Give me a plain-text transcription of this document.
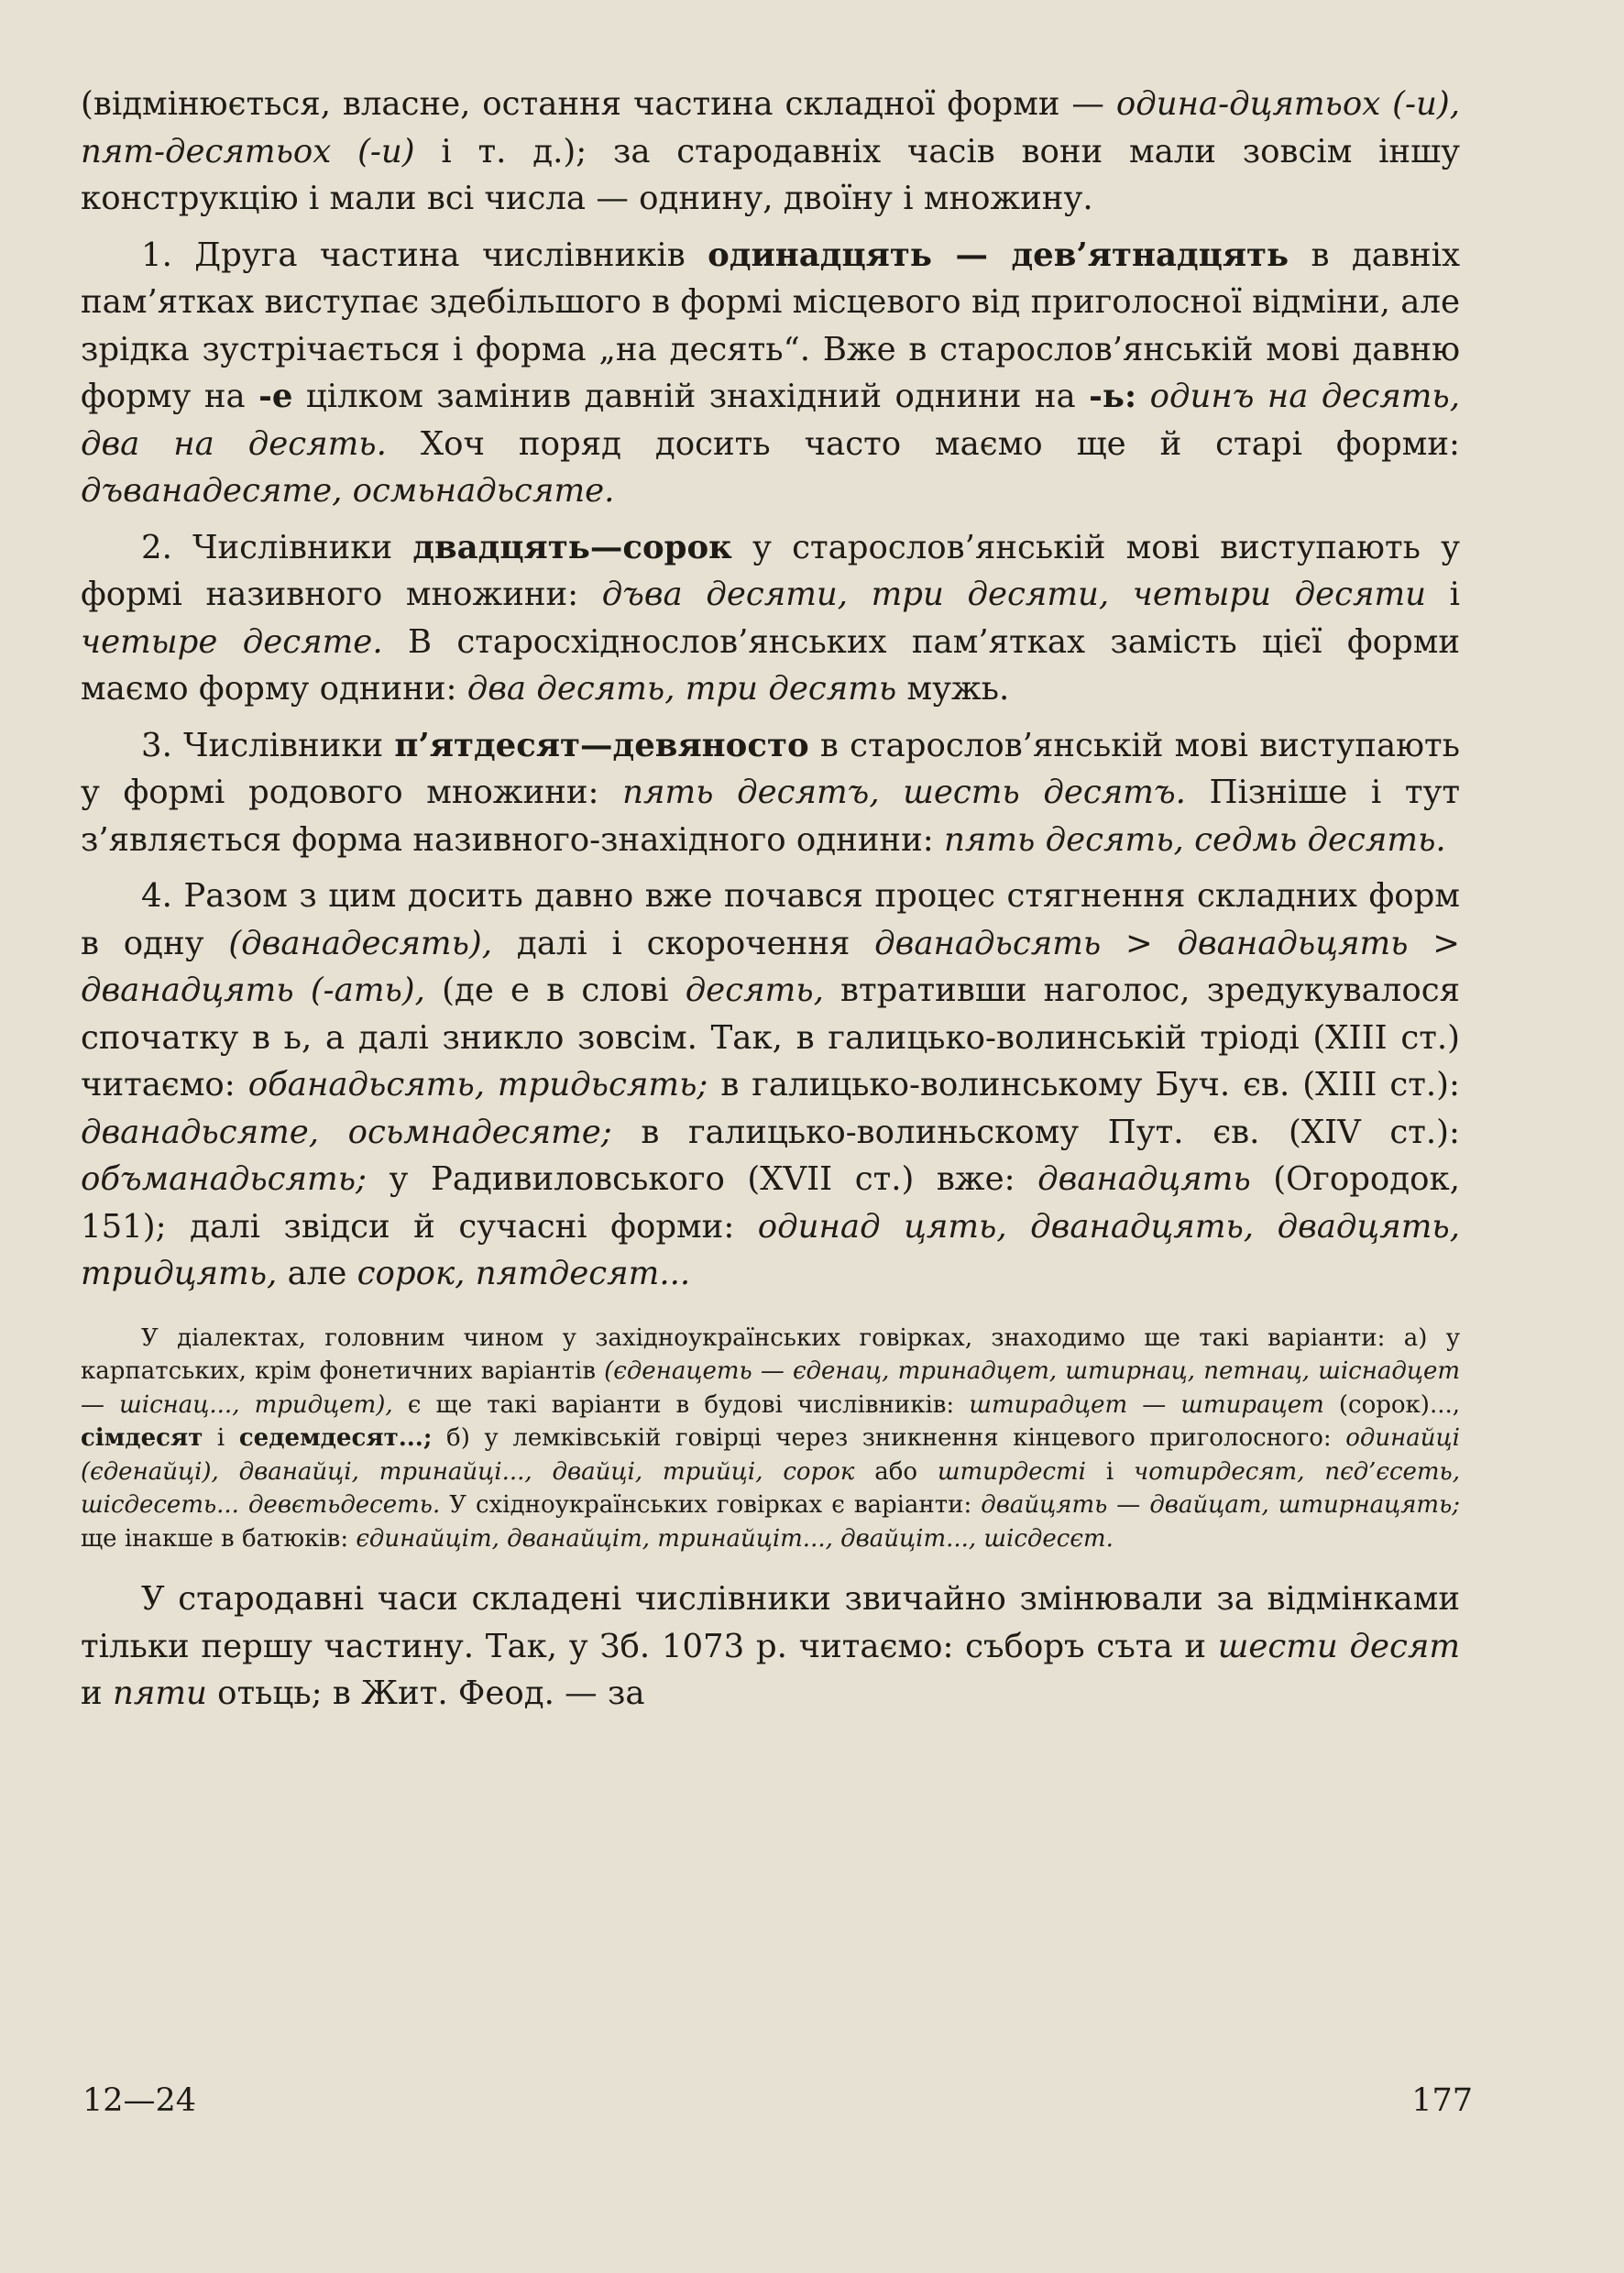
(відмінюється, власне, остання частина складної форми — одина-дцятьох (-и), пят-десятьох (-и) і т. д.); за стародавніх часів вони мали зовсім іншу конструкцію і мали всі числа — однину, двоїну і множину.

1. Друга частина числівників одинадцять — дев’ятнадцять в давніх пам’ятках виступає здебільшого в формі місцевого від приголосної відміни, але зрідка зустрічається і форма „на десять“. Вже в старослов’янській мові давню форму на -е цілком замінив давній знахідний однини на -ь: одинъ на десять, два на десять. Хоч поряд досить часто маємо ще й старі форми: дъванадесяте, осмьнадьсяте.

2. Числівники двадцять—сорок у старослов’янській мові виступають у формі називного множини: дъва десяти, три десяти, четыри десяти і четыре десяте. В старосхіднослов’янських пам’ятках замість цієї форми маємо форму однини: два десять, три десять мужь.

3. Числівники п’ятдесят—девяносто в старослов’янській мові виступають у формі родового множини: пять десятъ, шесть десятъ. Пізніше і тут з’являється форма називного-знахідного однини: пять десять, седмь десять.

4. Разом з цим досить давно вже почався процес стягнення складних форм в одну (дванадесять), далі і скорочення дванадьсять > дванадьцять > дванадцять (-ать), (де е в слові десять, втративши наголос, зредукувалося спочатку в ь, а далі зникло зовсім. Так, в галицько-волинській тріоді (XIII ст.) читаємо: обанадьсять, тридьсять; в галицько-волинському Буч. єв. (XIII ст.): дванадьсяте, осьмнадесяте; в галицько-волиньскому Пут. єв. (XIV ст.): объманадьсять; у Радивиловського (XVII ст.) вже: дванадцять (Огородок, 151); далі звідси й сучасні форми: одинад цять, дванадцять, двадцять, тридцять, але сорок, пятдесят...

У діалектах, головним чином у західноукраїнських говірках, знаходимо ще такі варіанти: а) у карпатських, крім фонетичних варіантів (єденацеть — єденац, тринадцет, штирнац, петнац, шіснадцет — шіснац..., тридцет), є ще такі варіанти в будові числівників: штирадцет — штирацет (сорок)..., сімдесят і седемдесят...; б) у лемківській говірці через зникнення кінцевого приголосного: одинайці (єденайці), дванайці, тринайці..., двайці, трийці, сорок або штирдесті і чотирдесят, пєд’єсеть, шісдесеть... девєтьдесеть. У східноукраїнських говірках є варіанти: двайцять — двайцат, штирнацять; ще інакше в батюків: єдинайціт, дванайціт, тринайціт..., двайціт..., шісдесєт.

У стародавні часи складені числівники звичайно змінювали за відмінками тільки першу частину. Так, у Зб. 1073 р. читаємо: съборъ съта и шести десят и пяти отьць; в Жит. Феод. — за

12—24	177
